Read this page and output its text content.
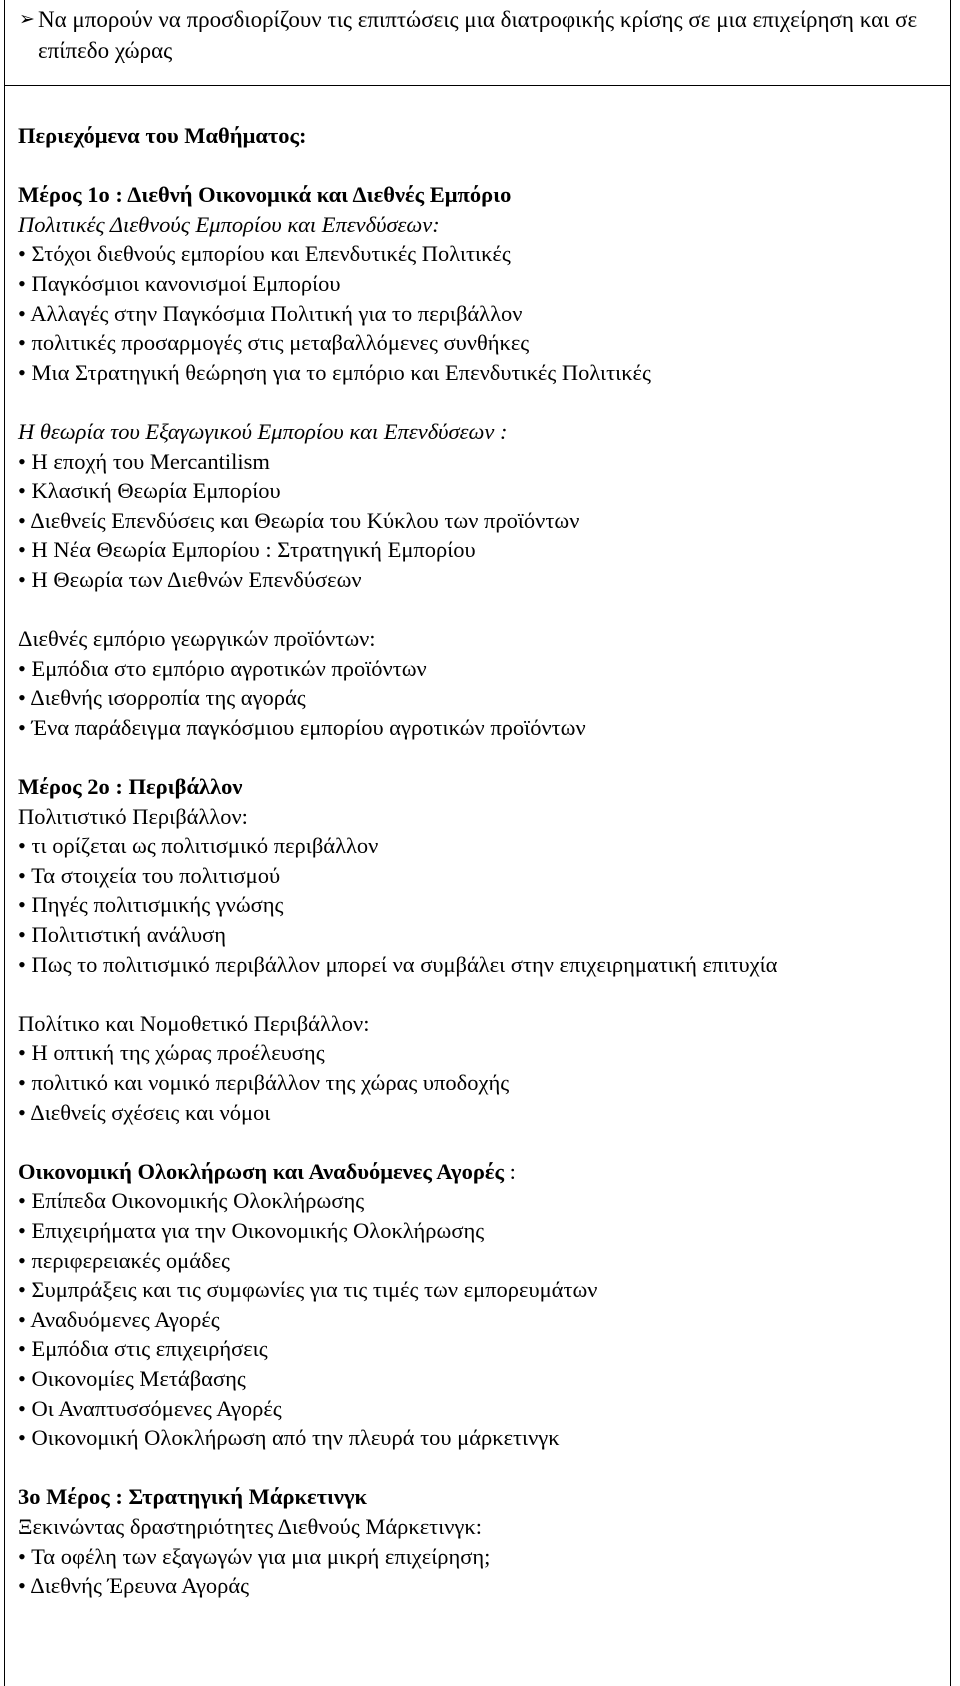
➢ Να μπορούν να προσδιορίζουν τις επιπτώσεις μια διατροφικής κρίσης σε μια επιχείρηση και σε επίπεδο χώρας
Περιεχόμενα του Μαθήματος:
Μέρος 1ο : Διεθνή Οικονομικά και Διεθνές Εμπόριο
Πολιτικές Διεθνούς Εμπορίου και Επενδύσεων:
• Στόχοι διεθνούς εμπορίου και Επενδυτικές Πολιτικές
• Παγκόσμιοι κανονισμοί Εμπορίου
• Αλλαγές στην Παγκόσμια Πολιτική για το περιβάλλον
• πολιτικές προσαρμογές στις μεταβαλλόμενες συνθήκες
• Μια Στρατηγική θεώρηση για το εμπόριο και Επενδυτικές Πολιτικές
Η θεωρία του Εξαγωγικού Εμπορίου και Επενδύσεων :
• Η εποχή του Mercantilism
• Κλασική Θεωρία Εμπορίου
• Διεθνείς Επενδύσεις και Θεωρία του Κύκλου των προϊόντων
• Η Νέα Θεωρία Εμπορίου : Στρατηγική Εμπορίου
• Η Θεωρία των Διεθνών Επενδύσεων
Διεθνές εμπόριο γεωργικών προϊόντων:
• Εμπόδια στο εμπόριο αγροτικών προϊόντων
• Διεθνής ισορροπία της αγοράς
• Ένα παράδειγμα παγκόσμιου εμπορίου αγροτικών προϊόντων
Μέρος 2ο : Περιβάλλον
Πολιτιστικό Περιβάλλον:
• τι ορίζεται ως πολιτισμικό περιβάλλον
• Τα στοιχεία του πολιτισμού
• Πηγές πολιτισμικής γνώσης
• Πολιτιστική ανάλυση
• Πως το πολιτισμικό περιβάλλον μπορεί να συμβάλει στην επιχειρηματική επιτυχία
Πολίτικο και Νομοθετικό Περιβάλλον:
• Η οπτική της χώρας προέλευσης
• πολιτικό και νομικό περιβάλλον της χώρας υποδοχής
• Διεθνείς σχέσεις και νόμοι
Οικονομική Ολοκλήρωση και Αναδυόμενες Αγορές :
• Επίπεδα Οικονομικής Ολοκλήρωσης
• Επιχειρήματα για την Οικονομικής Ολοκλήρωσης
• περιφερειακές ομάδες
• Συμπράξεις και τις συμφωνίες για τις τιμές των εμπορευμάτων
• Αναδυόμενες Αγορές
• Εμπόδια στις επιχειρήσεις
• Οικονομίες Μετάβασης
• Οι Αναπτυσσόμενες Αγορές
• Οικονομική Ολοκλήρωση από την πλευρά του μάρκετινγκ
3ο Μέρος : Στρατηγική Μάρκετινγκ
Ξεκινώντας δραστηριότητες Διεθνούς Μάρκετινγκ:
• Τα οφέλη των εξαγωγών για μια μικρή επιχείρηση;
• Διεθνής Έρευνα Αγοράς
